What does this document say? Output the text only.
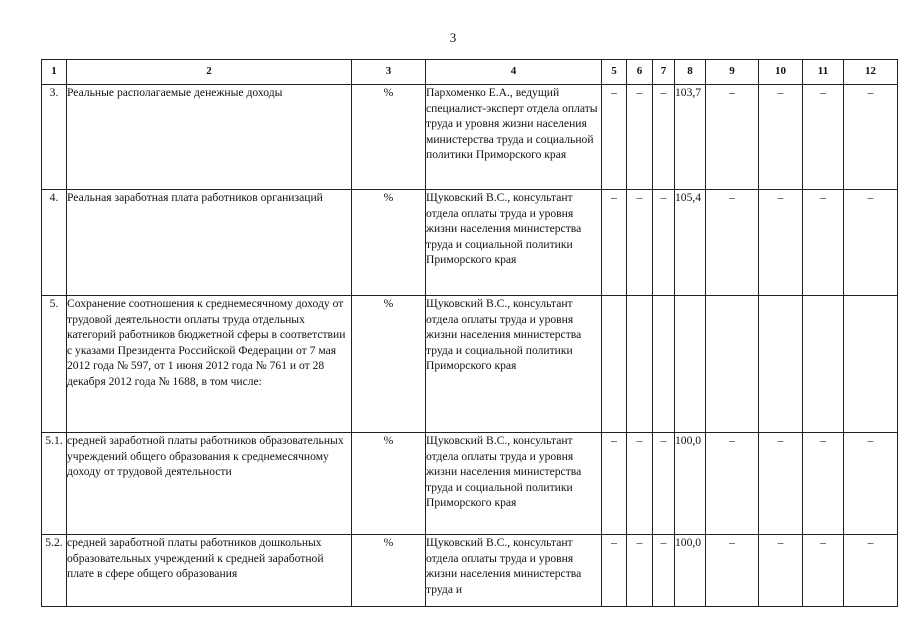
3
1	2	3	4	5	6	7	8	9	10	11	12
3.	Реальные располагаемые денежные доходы	%	Пархоменко Е.А., ведущий специалист-эксперт отдела оплаты труда и уровня жизни населения министерства труда и социальной политики Приморского края	–	–	–	103,7	–	–	–	–
4.	Реальная заработная плата работников организаций	%	Щуковский В.С., консультант отдела оплаты труда и уровня жизни населения министерства труда и социальной политики Приморского края	–	–	–	105,4	–	–	–	–
5.	Сохранение соотношения к среднемесячному доходу от трудовой деятельности оплаты труда отдельных категорий работников бюджетной сферы в соответствии с указами Президента Российской Федерации от 7 мая 2012 года № 597, от 1 июня 2012 года № 761 и от 28 декабря 2012 года № 1688, в том числе:	%	Щуковский В.С., консультант отдела оплаты труда и уровня жизни населения министерства труда и социальной политики Приморского края								
5.1.	средней заработной платы работников образовательных учреждений общего образования к среднемесячному доходу от трудовой деятельности	%	Щуковский В.С., консультант отдела оплаты труда и уровня жизни населения министерства труда и социальной политики Приморского края	–	–	–	100,0	–	–	–	–
5.2.	средней заработной платы работников дошкольных образовательных учреждений к средней заработной плате в сфере общего образования	%	Щуковский В.С., консультант отдела оплаты труда и уровня жизни населения министерства труда и	–	–	–	100,0	–	–	–	–
